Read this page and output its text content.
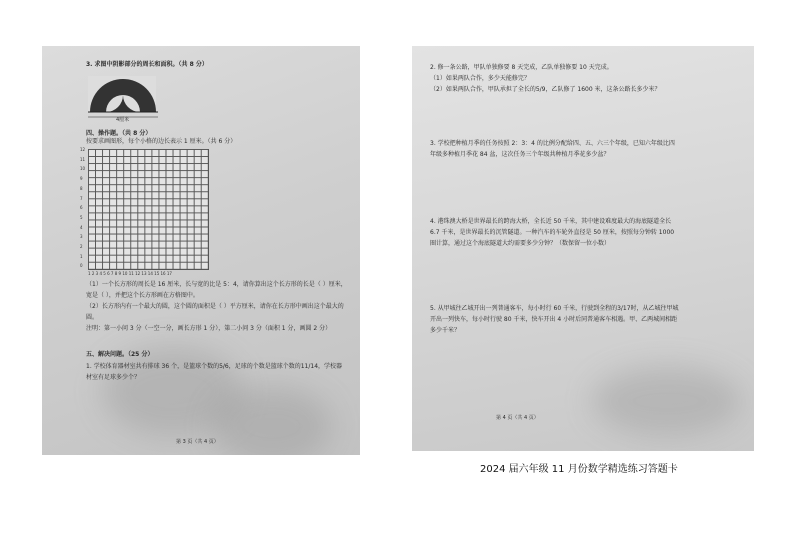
3. 求图中阴影部分的周长和面积。（共 8 分）
4厘米
四、操作题。（共 8 分）
按要求画图形，每个小格的边长表示 1 厘米。（共 6 分）
12
11
10
9
8
7
6
5
4
3
2
1
0
1 2 3 4 5 6 7 8 9 10 11 12 13 14 15 16 17
（1）一个长方形的周长是 16 厘米，长与宽的比是 5：4，请你算出这个长方形的长是（ ）厘米，宽是（ ），并把这个长方形画在方格图中。
（2）长方形内有一个最大的圆，这个圆的面积是（ ）平方厘米，请你在长方形中画出这个最大的圆。
注明：第一小问 3 分（一空一分，画长方形 1 分），第二小问 3 分（面积 1 分，画圆 2 分）
五、解决问题。（25 分）
1. 学校体育器材室共有排球 36 个，是篮球个数的5/6，足球的个数是篮球个数的11/14，学校器材室有足球多少个？
第 3 页（共 4 页）
2. 修一条公路，甲队单独修要 8 天完成，乙队单独修要 10 天完成。
（1）如果两队合作，多少天能修完？
（2）如果两队合作，甲队承担了全长的5/9，乙队修了 1600 米，这条公路长多少米？
3. 学校把种植月季的任务按照 2：3：4 的比例分配给四、五、六三个年级，已知六年级比四年级多种植月季花 84 盆，这次任务三个年级共种植月季花多少盆？
4. 港珠澳大桥是世界最长的跨海大桥，全长近 50 千米，其中建设难度最大的海底隧道全长 6.7 千米，是世界最长的沉管隧道。一种汽车的车轮外直径是 50 厘米，按照每分钟转 1000 圈计算，通过这个海底隧道大约需要多少分钟？（数保留一位小数）
5. 从甲城往乙城开出一列普通客车，每小时行 60 千米，行驶到全程的3/17时，从乙城往甲城开出一列快车，每小时行驶 80 千米，快车开出 4 小时后同普通客车相遇。甲、乙两城间相距多少千米？
第 4 页（共 4 页）
2024 届六年级 11 月份数学精选练习答题卡
